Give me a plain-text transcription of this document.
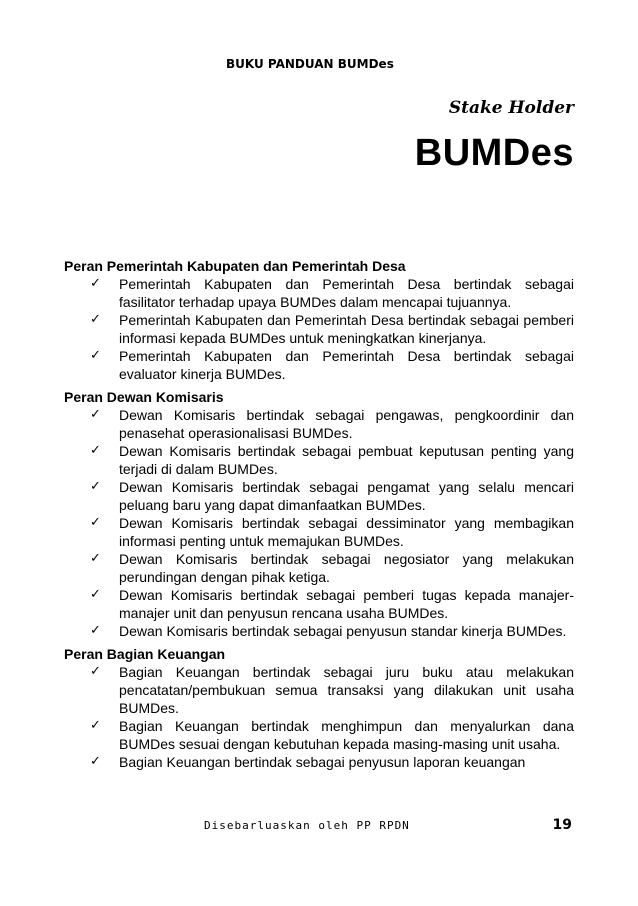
BUKU PANDUAN BUMDes
Stake Holder
BUMDes

Peran Pemerintah Kabupaten dan Pemerintah Desa

✓ Pemerintah Kabupaten dan Pemerintah Desa bertindak sebagai fasilitator terhadap upaya BUMDes dalam mencapai tujuannya.
✓ Pemerintah Kabupaten dan Pemerintah Desa bertindak sebagai pemberi informasi kepada BUMDes untuk meningkatkan kinerjanya.
✓ Pemerintah Kabupaten dan Pemerintah Desa bertindak sebagai evaluator kinerja BUMDes.

Peran Dewan Komisaris

✓ Dewan Komisaris bertindak sebagai pengawas, pengkoordinir dan penasehat operasionalisasi BUMDes.
✓ Dewan Komisaris bertindak sebagai pembuat keputusan penting yang terjadi di dalam BUMDes.
✓ Dewan Komisaris bertindak sebagai pengamat yang selalu mencari peluang baru yang dapat dimanfaatkan BUMDes.
✓ Dewan Komisaris bertindak sebagai dessiminator yang membagikan informasi penting untuk memajukan BUMDes.
✓ Dewan Komisaris bertindak sebagai negosiator yang melakukan perundingan dengan pihak ketiga.
✓ Dewan Komisaris bertindak sebagai pemberi tugas kepada manajer-manajer unit dan penyusun rencana usaha BUMDes.
✓ Dewan Komisaris bertindak sebagai penyusun standar kinerja BUMDes.

Peran Bagian Keuangan

✓ Bagian Keuangan bertindak sebagai juru buku atau melakukan pencatatan/pembukuan semua transaksi yang dilakukan unit usaha BUMDes.
✓ Bagian Keuangan bertindak menghimpun dan menyalurkan dana BUMDes sesuai dengan kebutuhan kepada masing-masing unit usaha.
✓ Bagian Keuangan bertindak sebagai penyusun laporan keuangan
Disebarluaskan oleh PP RPDN	19
